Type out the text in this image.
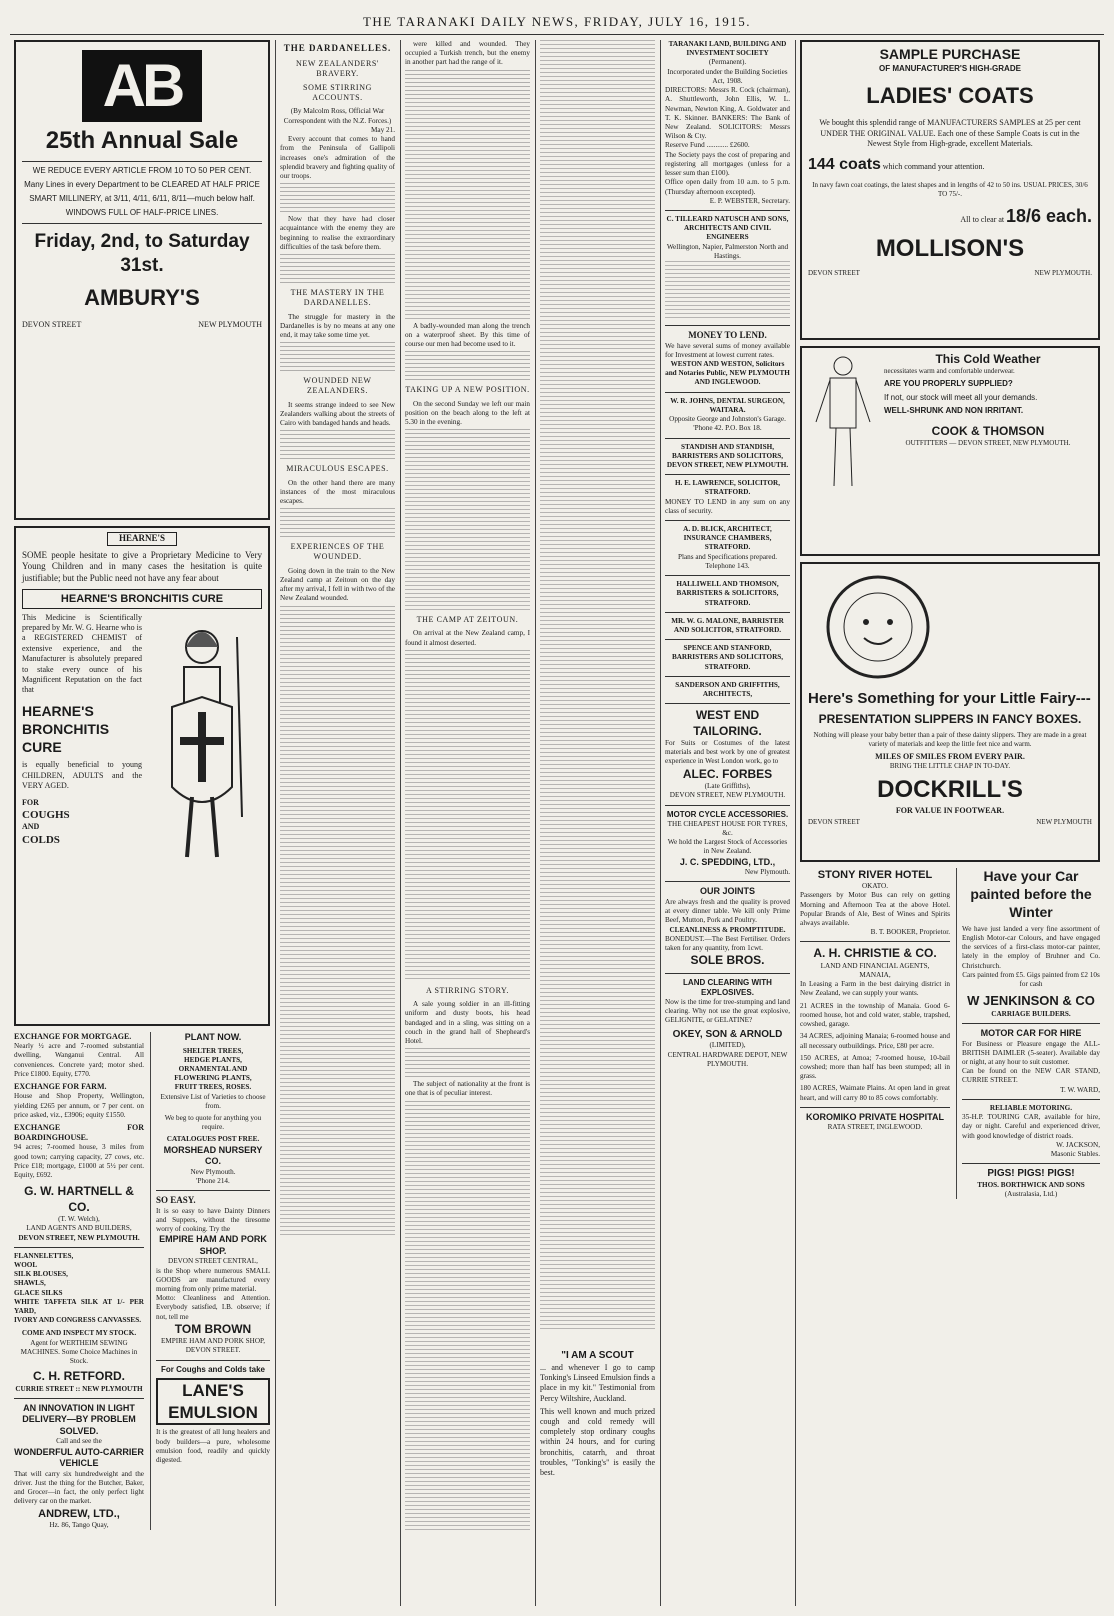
THE TARANAKI DAILY NEWS, FRIDAY, JULY 16, 1915.
AB
25th Annual Sale
WE REDUCE EVERY ARTICLE FROM 10 TO 50 PER CENT.
Many Lines in every Department to be CLEARED AT HALF PRICE
SMART MILLINERY, at 3/11, 4/11, 6/11, 8/11—much below half.
WINDOWS FULL OF HALF-PRICE LINES.
Friday, 2nd, to Saturday 31st.
AMBURY'S
DEVON STREET	NEW PLYMOUTH
HEARNE'S
SOME people hesitate to give a Proprietary Medicine to Very Young Children and in many cases the hesitation is quite justifiable; but the Public need not have any fear about
HEARNE'S BRONCHITIS CURE
This Medicine is Scientifically prepared by Mr. W. G. Hearne who is a REGISTERED CHEMIST of extensive experience, and the Manufacturer is absolutely prepared to stake every ounce of his Magnificent Reputation on the fact that
HEARNE'S
BRONCHITIS
CURE
is equally beneficial to young CHILDREN, ADULTS and the VERY AGED.
FOR
COUGHS
AND
COLDS
EXCHANGE FOR MORTGAGE.
Nearly ½ acre and 7-roomed substantial dwelling, Wanganui Central. All conveniences. Concrete yard; motor shed. Price £1800. Equity, £770.
EXCHANGE FOR FARM.
House and Shop Property, Wellington, yielding £265 per annum, or 7 per cent. on price asked, viz., £3906; equity £1550.
EXCHANGE FOR BOARDINGHOUSE.
94 acres; 7-roomed house, 3 miles from good town; carrying capacity, 27 cows, etc. Price £18; mortgage, £1000 at 5½ per cent. Equity, £692.
G. W. HARTNELL & CO.
(T. W. Welch),
LAND AGENTS AND BUILDERS,
DEVON STREET, NEW PLYMOUTH.
FLANNELETTES,
WOOL
SILK BLOUSES,
SHAWLS,
GLACE SILKS
WHITE TAFFETA SILK AT 1/- PER YARD,
IVORY AND CONGRESS CANVASSES.
COME AND INSPECT MY STOCK.
Agent for WERTHEIM SEWING MACHINES. Some Choice Machines in Stock.
C. H. RETFORD.
CURRIE STREET :: NEW PLYMOUTH
AN INNOVATION IN LIGHT DELIVERY—BY PROBLEM SOLVED.
Call and see the
WONDERFUL AUTO-CARRIER VEHICLE
That will carry six hundredweight and the driver. Just the thing for the Butcher, Baker, and Grocer—in fact, the only perfect light delivery car on the market.
ANDREW, LTD.,
Hz. 86, Tango Quay,
PLANT NOW.
SHELTER TREES,
HEDGE PLANTS,
ORNAMENTAL AND FLOWERING PLANTS,
FRUIT TREES, ROSES.
Extensive List of Varieties to choose from.
We beg to quote for anything you require.
CATALOGUES POST FREE.
MORSHEAD NURSERY CO.
New Plymouth.
'Phone 214.
SO EASY.
It is so easy to have Dainty Dinners and Suppers, without the tiresome worry of cooking. Try the
EMPIRE HAM AND PORK SHOP.
DEVON STREET CENTRAL,
is the Shop where numerous SMALL GOODS are manufactured every morning from only prime material.
Motto: Cleanliness and Attention. Everybody satisfied, I.B. observe; if not, tell me
TOM BROWN
EMPIRE HAM AND PORK SHOP, DEVON STREET.
For Coughs and Colds take
LANE'S EMULSION
It is the greatest of all lung healers and body builders—a pure, wholesome emulsion food, readily and quickly digested.
THE DARDANELLES.
NEW ZEALANDERS' BRAVERY.
SOME STIRRING ACCOUNTS.
(By Malcolm Ross, Official War Correspondent with the N.Z. Forces.)
May 21.

Every account that comes to hand from the Peninsula of Gallipoli increases one's admiration of the splendid bravery and fighting quality of our troops.

Now that they have had closer acquaintance with the enemy they are beginning to realise the extraordinary difficulties of the task before them.

THE MASTERY IN THE DARDANELLES.

The struggle for mastery in the Dardanelles is by no means at any one end, it may take some time yet.

WOUNDED NEW ZEALANDERS.

It seems strange indeed to see New Zealanders walking about the streets of Cairo with bandaged hands and heads.

MIRACULOUS ESCAPES.

On the other hand there are many instances of the most miraculous escapes.

EXPERIENCES OF THE WOUNDED.

Going down in the train to the New Zealand camp at Zeitoun on the day after my arrival, I fell in with two of the New Zealand wounded.

were killed and wounded. They occupied a Turkish trench, but the enemy in another part had the range of it.

A badly-wounded man along the trench on a waterproof sheet. By this time of course our men had become used to it.

TAKING UP A NEW POSITION.

On the second Sunday we left our main position on the beach along to the left at 5.30 in the evening.

THE CAMP AT ZEITOUN.

On arrival at the New Zealand camp, I found it almost deserted.

A STIRRING STORY.

A sale young soldier in an ill-fitting uniform and dusty boots, his head bandaged and in a sling, was sitting on a couch in the grand hall of Shepheard's Hotel.

The subject of nationality at the front is one that is of peculiar interest.

TARANAKI LAND, BUILDING AND INVESTMENT SOCIETY
(Permanent).
Incorporated under the Building Societies Act, 1908.
DIRECTORS: Messrs R. Cock (chairman), A. Shuttleworth, John Ellis, W. L. Newman, Newton King, A. Goldwater and T. K. Skinner. BANKERS: The Bank of New Zealand. SOLICITORS: Messrs Wilson & Cty.
Reserve Fund ............ £2600.
The Society pays the cost of preparing and registering all mortgages (unless for a lesser sum than £100).
Office open daily from 10 a.m. to 5 p.m. (Thursday afternoon excepted).
E. P. WEBSTER, Secretary.
C. TILLEARD NATUSCH AND SONS, ARCHITECTS AND CIVIL ENGINEERS
Wellington, Napier, Palmerston North and Hastings.
MONEY TO LEND.
We have several sums of money available for Investment at lowest current rates.
WESTON AND WESTON, Solicitors and Notaries Public, NEW PLYMOUTH AND INGLEWOOD.
W. R. JOHNS, DENTAL SURGEON, WAITARA.
Opposite George and Johnston's Garage. 'Phone 42. P.O. Box 18.
STANDISH AND STANDISH, BARRISTERS AND SOLICITORS, DEVON STREET, NEW PLYMOUTH.
H. E. LAWRENCE, SOLICITOR, STRATFORD.
MONEY TO LEND in any sum on any class of security.
A. D. BLICK, ARCHITECT, INSURANCE CHAMBERS, STRATFORD.
Plans and Specifications prepared. Telephone 143.
HALLIWELL AND THOMSON, BARRISTERS & SOLICITORS, STRATFORD.
MR. W. G. MALONE, BARRISTER AND SOLICITOR, STRATFORD.
SPENCE AND STANFORD, BARRISTERS AND SOLICITORS, STRATFORD.
SANDERSON AND GRIFFITHS, ARCHITECTS,
WEST END TAILORING.
For Suits or Costumes of the latest materials and best work by one of greatest experience in West London work, go to
ALEC. FORBES
(Late Griffiths),
DEVON STREET, NEW PLYMOUTH.
MOTOR CYCLE ACCESSORIES.
THE CHEAPEST HOUSE FOR TYRES, &c.
We hold the Largest Stock of Accessories in New Zealand.
J. C. SPEDDING, LTD.,
New Plymouth.
OUR JOINTS
Are always fresh and the quality is proved at every dinner table. We kill only Prime Beef, Mutton, Pork and Poultry.
CLEANLINESS & PROMPTITUDE.
BONEDUST.—The Best Fertiliser. Orders taken for any quantity, from 1cwt.
SOLE BROS.
LAND CLEARING WITH EXPLOSIVES.
Now is the time for tree-stumping and land clearing. Why not use the great explosive, GELIGNITE, or GELATINE?
OKEY, SON & ARNOLD
(LIMITED),
CENTRAL HARDWARE DEPOT, NEW PLYMOUTH.
"I AM A SCOUT
... and whenever I go to camp Tonking's Linseed Emulsion finds a place in my kit." Testimonial from Percy Wiltshire, Auckland.
This well known and much prized cough and cold remedy will completely stop ordinary coughs within 24 hours, and for curing bronchitis, catarrh, and throat troubles, "Tonking's" is easily the best.
SAMPLE PURCHASE
OF MANUFACTURER'S HIGH-GRADE
LADIES' COATS
We bought this splendid range of MANUFACTURERS SAMPLES at 25 per cent UNDER THE ORIGINAL VALUE. Each one of these Sample Coats is cut in the Newest Style from High-grade, excellent Materials.
144 coats which command your attention.
In navy fawn coat coatings, the latest shapes and in lengths of 42 to 50 ins. USUAL PRICES, 30/6 TO 75/-.
All to clear at 18/6 each.
MOLLISON'S
DEVON STREET	NEW PLYMOUTH.
This Cold Weather
necessitates warm and comfortable underwear.
ARE YOU PROPERLY SUPPLIED?
If not, our stock will meet all your demands.
WELL-SHRUNK AND NON IRRITANT.
COOK & THOMSON
OUTFITTERS — DEVON STREET, NEW PLYMOUTH.
Here's Something for your Little Fairy---
PRESENTATION SLIPPERS IN FANCY BOXES.
Nothing will please your baby better than a pair of these dainty slippers. They are made in a great variety of materials and keep the little feet nice and warm.
MILES OF SMILES FROM EVERY PAIR.
BRING THE LITTLE CHAP IN TO-DAY.
DOCKRILL'S
FOR VALUE IN FOOTWEAR.
DEVON STREET	NEW PLYMOUTH
STONY RIVER HOTEL
OKATO.
Passengers by Motor Bus can rely on getting Morning and Afternoon Tea at the above Hotel. Popular Brands of Ale, Best of Wines and Spirits always available.
B. T. BOOKER, Proprietor.
A. H. CHRISTIE & CO.
LAND AND FINANCIAL AGENTS,
MANAIA,
In Leasing a Farm in the best dairying district in New Zealand, we can supply your wants.
21 ACRES in the township of Manaia. Good 6-roomed house, hot and cold water, stable, trapshed, cowshed, garage.
34 ACRES, adjoining Manaia; 6-roomed house and all necessary outbuildings. Price, £80 per acre.
150 ACRES, at Amoa; 7-roomed house, 10-bail cowshed; more than half has been stumped; all in grass.
180 ACRES, Waimate Plains. At open land in great heart, and will carry 80 to 85 cows comfortably.
KOROMIKO PRIVATE HOSPITAL
RATA STREET, INGLEWOOD.
Have your Car painted before the Winter
We have just landed a very fine assortment of English Motor-car Colours, and have engaged the services of a first-class motor-car painter, lately in the employ of Bruhner and Co. Christchurch.
Cars painted from £5. Gigs painted from £2 10s for cash
W JENKINSON & CO
CARRIAGE BUILDERS.
MOTOR CAR FOR HIRE
For Business or Pleasure engage the ALL-BRITISH DAIMLER (5-seater). Available day or night, at any hour to suit customer.
Can be found on the NEW CAR STAND, CURRIE STREET.
T. W. WARD,
RELIABLE MOTORING.
35-H.P. TOURING CAR, available for hire, day or night. Careful and experienced driver, with good knowledge of district roads.
W. JACKSON,
Masonic Stables.
PIGS! PIGS! PIGS!
THOS. BORTHWICK AND SONS
(Australasia, Ltd.)
